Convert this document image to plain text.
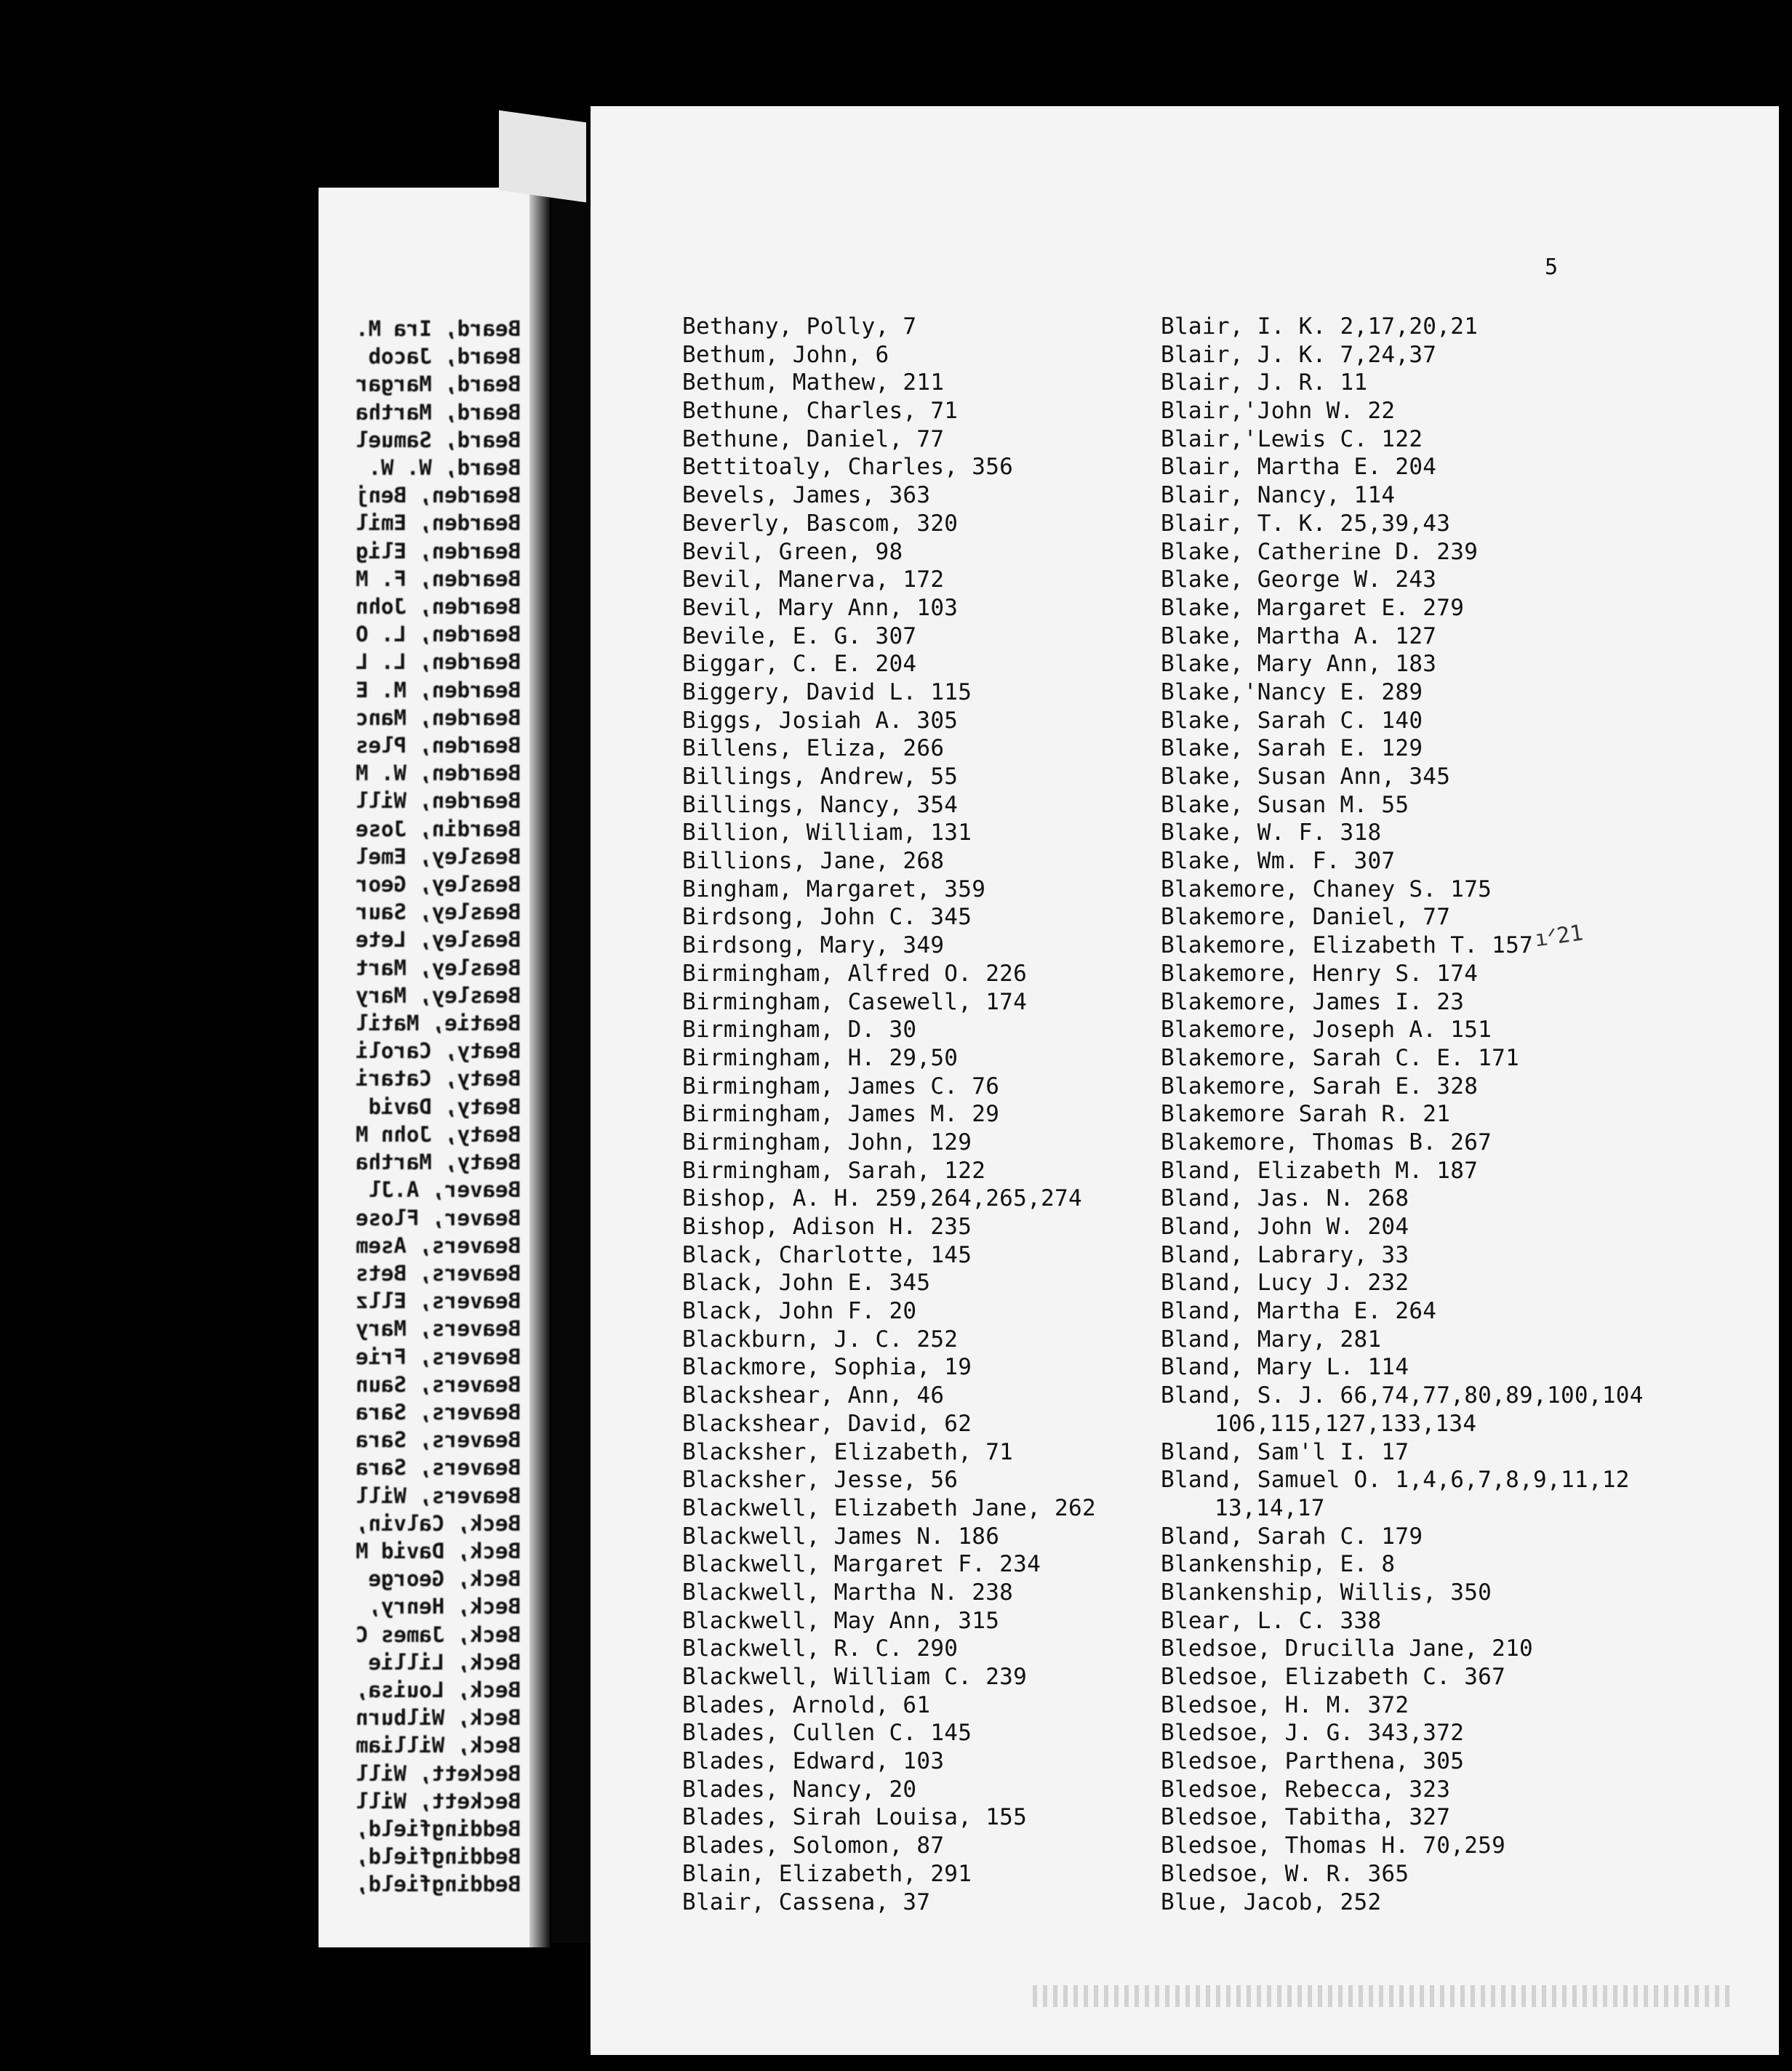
Beard, Ira M.
Beard, Jacob
Beard, Margar
Beard, Martha
Beard, Samuel
Beard, W. W.
Bearden, Benj
Bearden, Emil
Bearden, Elig
Bearden, F. M
Bearden, John
Bearden, L. O
Bearden, L. L
Bearden, M. E
Bearden, Manc
Bearden, Ples
Bearden, W. M
Bearden, Will
Beardin, Jose
Beasley, Emel
Beasley, Geor
Beasley, Saur
Beasley, Lete
Beasley, Mart
Beasley, Mary
Beatie, Matil
Beaty, Caroli
Beaty, Catari
Beaty, David
Beaty, John M
Beaty, Martha
Beaver, A.Jl
Beaver, Flose
Beavers, Asem
Beavers, Bets
Beavers, Ellz
Beavers, Mary
Beavers, Frie
Beavers, Saun
Beavers, Sara
Beavers, Sara
Beavers, Sara
Beavers, Will
Beck, Calvin,
Beck, David M
Beck, George
Beck, Henry,
Beck, James C
Beck, Lillie
Beck, Louisa,
Beck, Wilburn
Beck, William
Beckett, Will
Beckett, Will
Beddingfield,
Beddingfield,
Beddingfield,
5
ıᐟ21
Bethany, Polly, 7
Bethum, John, 6
Bethum, Mathew, 211
Bethune, Charles, 71
Bethune, Daniel, 77
Bettitoaly, Charles, 356
Bevels, James, 363
Beverly, Bascom, 320
Bevil, Green, 98
Bevil, Manerva, 172
Bevil, Mary Ann, 103
Bevile, E. G. 307
Biggar, C. E. 204
Biggery, David L. 115
Biggs, Josiah A. 305
Billens, Eliza, 266
Billings, Andrew, 55
Billings, Nancy, 354
Billion, William, 131
Billions, Jane, 268
Bingham, Margaret, 359
Birdsong, John C. 345
Birdsong, Mary, 349
Birmingham, Alfred O. 226
Birmingham, Casewell, 174
Birmingham, D. 30
Birmingham, H. 29,50
Birmingham, James C. 76
Birmingham, James M. 29
Birmingham, John, 129
Birmingham, Sarah, 122
Bishop, A. H. 259,264,265,274
Bishop, Adison H. 235
Black, Charlotte, 145
Black, John E. 345
Black, John F. 20
Blackburn, J. C. 252
Blackmore, Sophia, 19
Blackshear, Ann, 46
Blackshear, David, 62
Blacksher, Elizabeth, 71
Blacksher, Jesse, 56
Blackwell, Elizabeth Jane, 262
Blackwell, James N. 186
Blackwell, Margaret F. 234
Blackwell, Martha N. 238
Blackwell, May Ann, 315
Blackwell, R. C. 290
Blackwell, William C. 239
Blades, Arnold, 61
Blades, Cullen C. 145
Blades, Edward, 103
Blades, Nancy, 20
Blades, Sirah Louisa, 155
Blades, Solomon, 87
Blain, Elizabeth, 291
Blair, Cassena, 37
Blair, I. K. 2,17,20,21
Blair, J. K. 7,24,37
Blair, J. R. 11
Blair,'John W. 22
Blair,'Lewis C. 122
Blair, Martha E. 204
Blair, Nancy, 114
Blair, T. K. 25,39,43
Blake, Catherine D. 239
Blake, George W. 243
Blake, Margaret E. 279
Blake, Martha A. 127
Blake, Mary Ann, 183
Blake,'Nancy E. 289
Blake, Sarah C. 140
Blake, Sarah E. 129
Blake, Susan Ann, 345
Blake, Susan M. 55
Blake, W. F. 318
Blake, Wm. F. 307
Blakemore, Chaney S. 175
Blakemore, Daniel, 77
Blakemore, Elizabeth T. 157
Blakemore, Henry S. 174
Blakemore, James I. 23
Blakemore, Joseph A. 151
Blakemore, Sarah C. E. 171
Blakemore, Sarah E. 328
Blakemore Sarah R. 21
Blakemore, Thomas B. 267
Bland, Elizabeth M. 187
Bland, Jas. N. 268
Bland, John W. 204
Bland, Labrary, 33
Bland, Lucy J. 232
Bland, Martha E. 264
Bland, Mary, 281
Bland, Mary L. 114
Bland, S. J. 66,74,77,80,89,100,104
106,115,127,133,134
Bland, Sam'l I. 17
Bland, Samuel O. 1,4,6,7,8,9,11,12
13,14,17
Bland, Sarah C. 179
Blankenship, E. 8
Blankenship, Willis, 350
Blear, L. C. 338
Bledsoe, Drucilla Jane, 210
Bledsoe, Elizabeth C. 367
Bledsoe, H. M. 372
Bledsoe, J. G. 343,372
Bledsoe, Parthena, 305
Bledsoe, Rebecca, 323
Bledsoe, Tabitha, 327
Bledsoe, Thomas H. 70,259
Bledsoe, W. R. 365
Blue, Jacob, 252
